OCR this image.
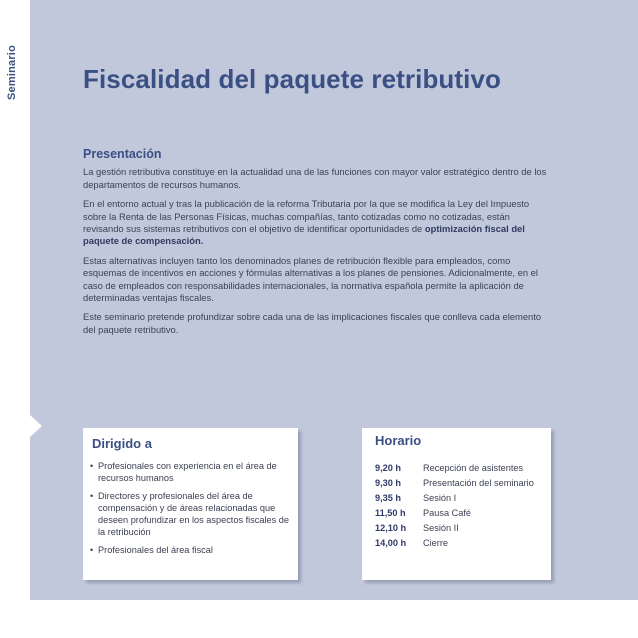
Seminario	Fiscalidad del paquete retributivo
Presentación

La gestión retributiva constituye en la actualidad una de las funciones con mayor valor estratégico dentro de los departamentos de recursos humanos.

En el entorno actual y tras la publicación de la reforma Tributaria por la que se modifica la Ley del Impuesto sobre la Renta de las Personas Físicas, muchas compañías, tanto cotizadas como no cotizadas, están revisando sus sistemas retributivos con el objetivo de identificar oportunidades de optimización fiscal del paquete de compensación.

Estas alternativas incluyen tanto los denominados planes de retribución flexible para empleados, como esquemas de incentivos en acciones y fórmulas alternativas a los planes de pensiones. Adicionalmente, en el caso de empleados con responsabilidades internacionales, la normativa española permite la aplicación de determinadas ventajas fiscales.

Este seminario pretende profundizar sobre cada una de las implicaciones fiscales que conlleva cada elemento del paquete retributivo.

Dirigido a
• Profesionales con experiencia en el área de recursos humanos
• Directores y profesionales del área de compensación y de áreas relacionadas que deseen profundizar en los aspectos fiscales de la retribución
• Profesionales del área fiscal
Horario
9,20 h	Recepción de asistentes
9,30 h	Presentación del seminario
9,35 h	Sesión I
11,50 h	Pausa Café
12,10 h	Sesión II
14,00 h	Cierre
